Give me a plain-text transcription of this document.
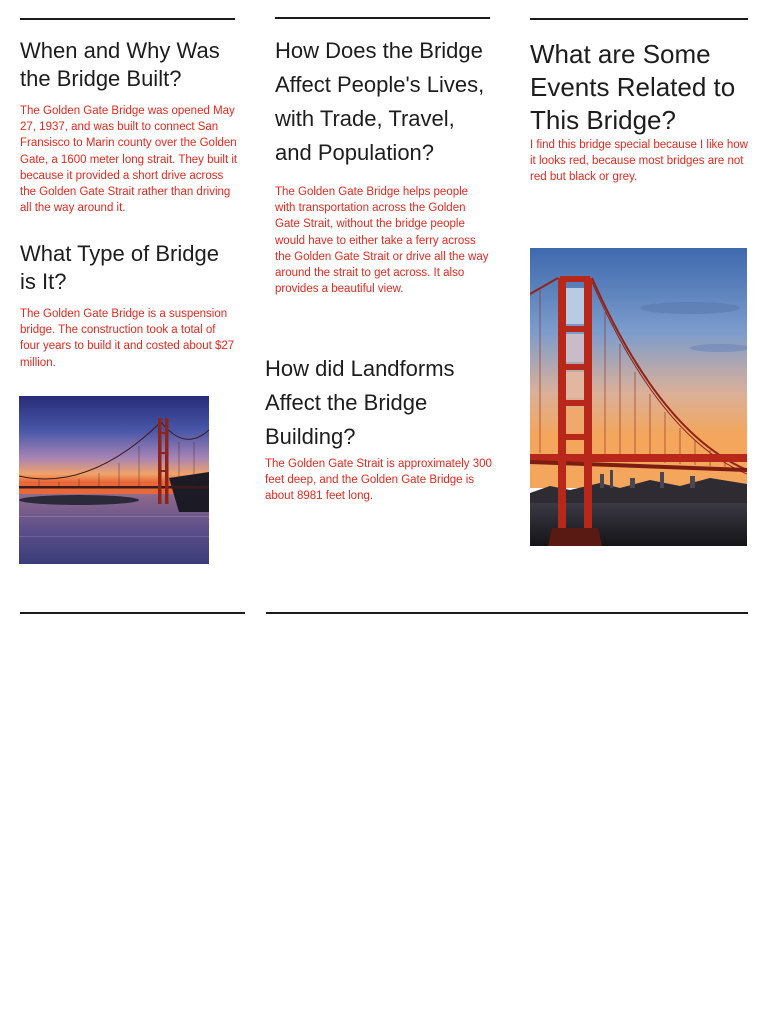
When and Why Was the Bridge Built?

The Golden Gate Bridge was opened May 27, 1937, and was built to connect San Fransisco to Marin county over the Golden Gate, a 1600 meter long strait. They built it because it provided a short drive across the Golden Gate Strait rather than driving all the way around it.

What Type of Bridge is It?

The Golden Gate Bridge is a suspension bridge. The construction took a total of four years to build it and costed about $27 million.

How Does the Bridge Affect People's Lives, with Trade, Travel, and Population?

The Golden Gate Bridge helps people with transportation across the Golden Gate Strait, without the bridge people would have to either take a ferry across the Golden Gate Strait or drive all the way around the strait to get across. It also provides a beautiful view.

How did Landforms Affect the Bridge Building?

The Golden Gate Strait is approximately 300 feet deep, and the Golden Gate Bridge is about 8981 feet long.

What are Some Events Related to This Bridge?

I find this bridge special because I like how it looks red, because most bridges are not red but black or grey.
